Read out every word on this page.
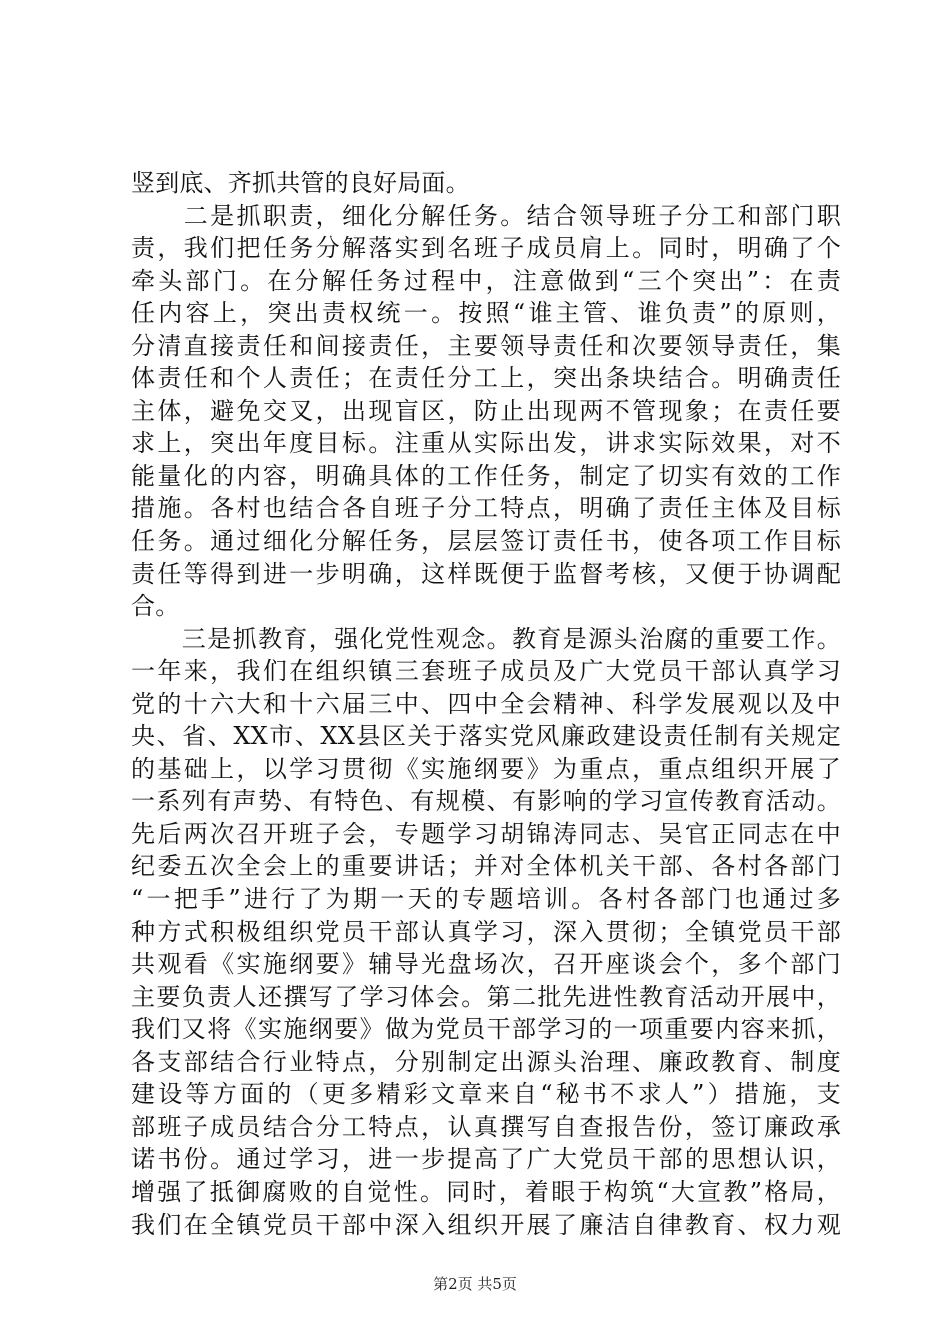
竖到底、齐抓共管的良好局面。
　　二是抓职责，细化分解任务。结合领导班子分工和部门职
责，我们把任务分解落实到名班子成员肩上。同时，明确了个
牵头部门。在分解任务过程中，注意做到“三个突出”：在责
任内容上，突出责权统一。按照“谁主管、谁负责”的原则，
分清直接责任和间接责任，主要领导责任和次要领导责任，集
体责任和个人责任；在责任分工上，突出条块结合。明确责任
主体，避免交叉，出现盲区，防止出现两不管现象；在责任要
求上，突出年度目标。注重从实际出发，讲求实际效果，对不
能量化的内容，明确具体的工作任务，制定了切实有效的工作
措施。各村也结合各自班子分工特点，明确了责任主体及目标
任务。通过细化分解任务，层层签订责任书，使各项工作目标
责任等得到进一步明确，这样既便于监督考核，又便于协调配
合。
　　三是抓教育，强化党性观念。教育是源头治腐的重要工作。
一年来，我们在组织镇三套班子成员及广大党员干部认真学习
党的十六大和十六届三中、四中全会精神、科学发展观以及中
央、省、XX市、XX县区关于落实党风廉政建设责任制有关规定
的基础上，以学习贯彻《实施纲要》为重点，重点组织开展了
一系列有声势、有特色、有规模、有影响的学习宣传教育活动。
先后两次召开班子会，专题学习胡锦涛同志、吴官正同志在中
纪委五次全会上的重要讲话；并对全体机关干部、各村各部门
“一把手”进行了为期一天的专题培训。各村各部门也通过多
种方式积极组织党员干部认真学习，深入贯彻；全镇党员干部
共观看《实施纲要》辅导光盘场次，召开座谈会个，多个部门
主要负责人还撰写了学习体会。第二批先进性教育活动开展中，
我们又将《实施纲要》做为党员干部学习的一项重要内容来抓，
各支部结合行业特点，分别制定出源头治理、廉政教育、制度
建设等方面的（更多精彩文章来自“秘书不求人”）措施，支
部班子成员结合分工特点，认真撰写自查报告份，签订廉政承
诺书份。通过学习，进一步提高了广大党员干部的思想认识，
增强了抵御腐败的自觉性。同时，着眼于构筑“大宣教”格局，
我们在全镇党员干部中深入组织开展了廉洁自律教育、权力观
第2页 共5页
